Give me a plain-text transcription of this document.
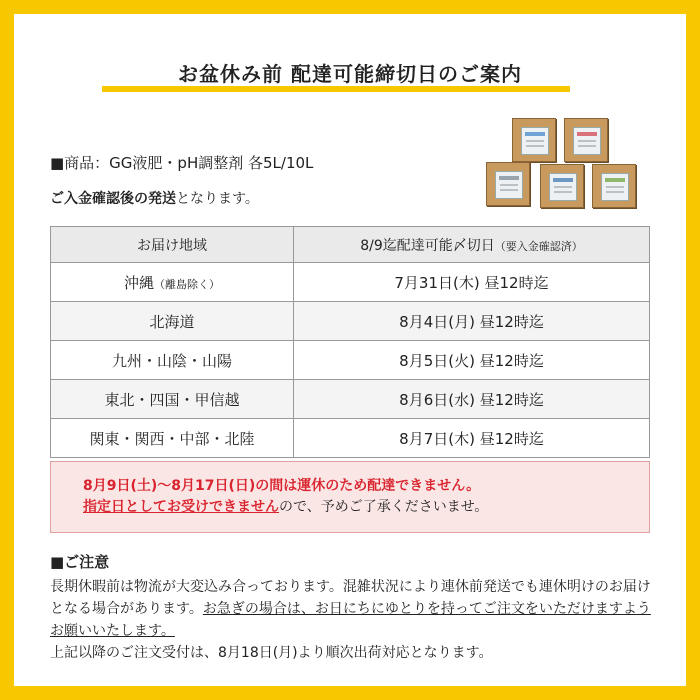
お盆休み前 配達可能締切日のご案内
■商品：GG液肥・pH調整剤 各5L/10L
ご入金確認後の発送となります。
お届け地域	8/9迄配達可能〆切日（要入金確認済）
沖縄（離島除く）	7月31日(木) 昼12時迄
北海道	8月4日(月) 昼12時迄
九州・山陰・山陽	8月5日(火) 昼12時迄
東北・四国・甲信越	8月6日(水) 昼12時迄
関東・関西・中部・北陸	8月7日(木) 昼12時迄
8月9日(土)〜8月17日(日)の間は運休のため配達できません。
指定日としてお受けできませんので、予めご了承くださいませ。
■ご注意

長期休暇前は物流が大変込み合っております。混雑状況により連休前発送でも連休明けのお届けとなる場合があります。お急ぎの場合は、お日にちにゆとりを持ってご注文をいただけますようお願いいたします。

上記以降のご注文受付は、8月18日(月)より順次出荷対応となります。
